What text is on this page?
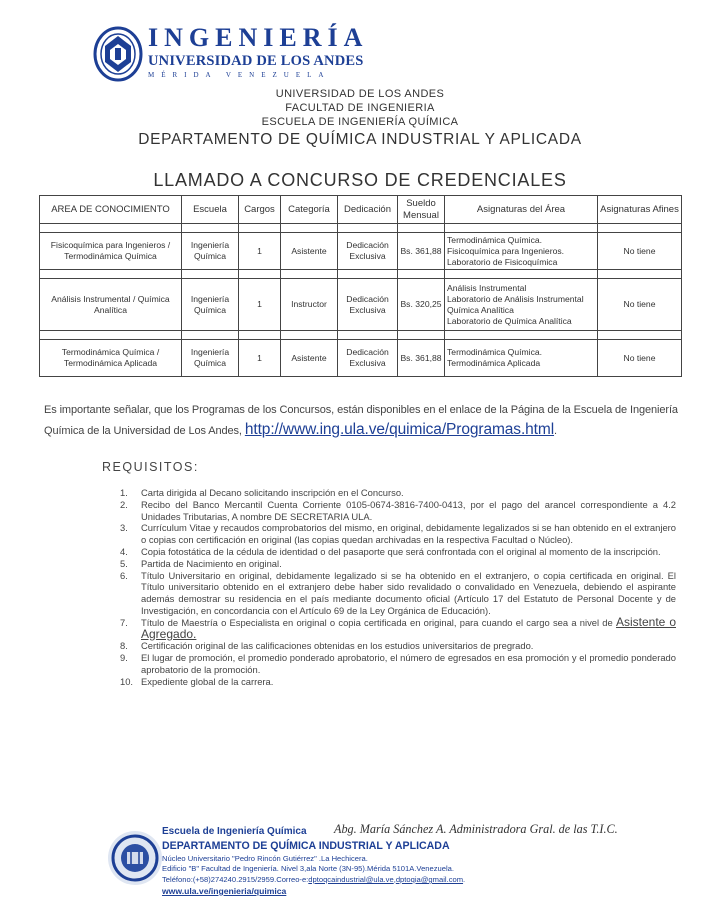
INGENIERÍA
UNIVERSIDAD DE LOS ANDES
MÉRIDA VENEZUELA
UNIVERSIDAD DE LOS ANDES
FACULTAD DE INGENIERIA
ESCUELA DE INGENIERÍA QUÍMICA
DEPARTAMENTO DE QUÍMICA INDUSTRIAL Y APLICADA
LLAMADO A CONCURSO DE CREDENCIALES
AREA DE CONOCIMIENTO	Escuela	Cargos	Categoría	Dedicación	Sueldo Mensual	Asignaturas del Área	Asignaturas Afines

Fisicoquímica para Ingenieros / Termodinámica Química	Ingeniería Química	1	Asistente	Dedicación Exclusiva	Bs. 361,88	Termodinámica Química.
Fisicoquímica para Ingenieros.
Laboratorio de Fisicoquímica	No tiene

Análisis Instrumental / Química Analítica	Ingeniería Química	1	Instructor	Dedicación Exclusiva	Bs. 320,25	Análisis Instrumental
Laboratorio de Análisis Instrumental
Química Analítica
Laboratorio de Química Analítica	No tiene

Termodinámica Química / Termodinámica Aplicada	Ingeniería Química	1	Asistente	Dedicación Exclusiva	Bs. 361,88	Termodinámica Química.
Termodinámica Aplicada	No tiene

Es importante señalar, que los Programas de los Concursos, están disponibles en el enlace de la Página de la Escuela de Ingeniería Química de la Universidad de Los Andes, http://www.ing.ula.ve/quimica/Programas.html.

REQUISITOS:
1. Carta dirigida al Decano solicitando inscripción en el Concurso.
2. Recibo del Banco Mercantil Cuenta Corriente 0105-0674-3816-7400-0413, por el pago del arancel correspondiente a 4.2 Unidades Tributarias, A nombre DE SECRETARIA ULA.
3. Currículum Vitae y recaudos comprobatorios del mismo, en original, debidamente legalizados si se han obtenido en el extranjero o copias con certificación en original (las copias quedan archivadas en la respectiva Facultad o Núcleo).
4. Copia fotostática de la cédula de identidad o del pasaporte que será confrontada con el original al momento de la inscripción.
5. Partida de Nacimiento en original.
6. Título Universitario en original, debidamente legalizado si se ha obtenido en el extranjero, o copia certificada en original. El Título universitario obtenido en el extranjero debe haber sido revalidado o convalidado en Venezuela, debiendo el aspirante además demostrar su residencia en el país mediante documento oficial (Artículo 17 del Estatuto de Personal Docente y de Investigación, en concordancia con el Artículo 69 de la Ley Orgánica de Educación).
7. Título de Maestría o Especialista en original o copia certificada en original, para cuando el cargo sea a nivel de Asistente o Agregado.
8. Certificación original de las calificaciones obtenidas en los estudios universitarios de pregrado.
9. El lugar de promoción, el promedio ponderado aprobatorio, el número de egresados en esa promoción y el promedio ponderado aprobatorio de la promoción.
10. Expediente global de la carrera.
Escuela de Ingeniería Química Abg. María Sánchez A. Administradora Gral. de las T.I.C.
DEPARTAMENTO DE QUÍMICA INDUSTRIAL Y APLICADA
Núcleo Universitario "Pedro Rincón Gutiérrez" .La Hechicera.
Edificio "B" Facultad de Ingeniería. Nivel 3,ala Norte (3N-95).Mérida 5101A.Venezuela.
Teléfono:(+58)274240.2915/2959.Correo-e:dptoqcaindustrial@ula.ve,dptoqia@gmail.com.
www.ula.ve/ingenieria/quimica
